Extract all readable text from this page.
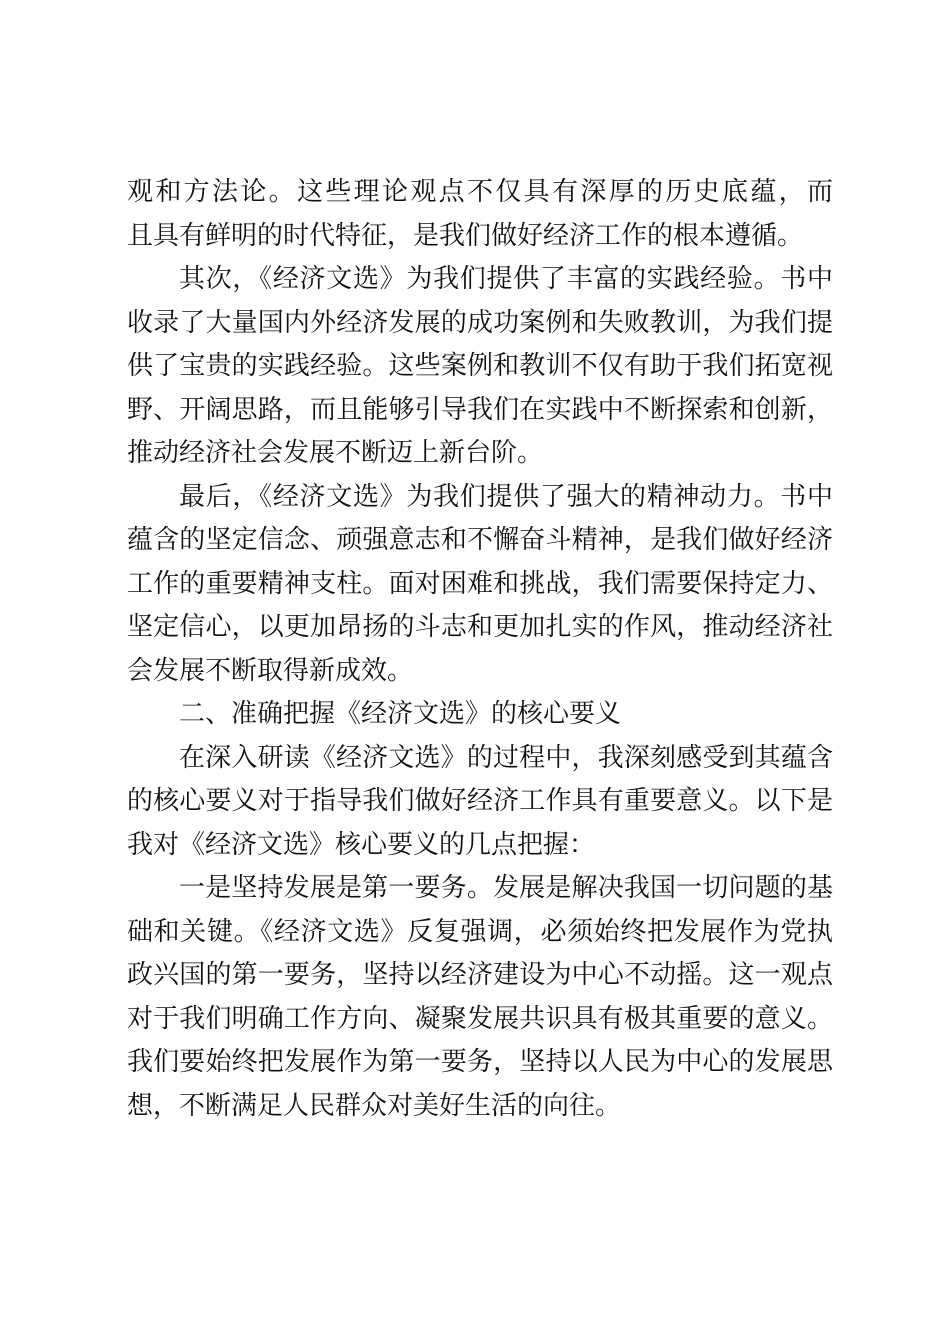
观和方法论。这些理论观点不仅具有深厚的历史底蕴，而
且具有鲜明的时代特征，是我们做好经济工作的根本遵循。

其次，《经济文选》为我们提供了丰富的实践经验。书中
收录了大量国内外经济发展的成功案例和失败教训，为我们提
供了宝贵的实践经验。这些案例和教训不仅有助于我们拓宽视
野、开阔思路，而且能够引导我们在实践中不断探索和创新，
推动经济社会发展不断迈上新台阶。

最后，《经济文选》为我们提供了强大的精神动力。书中
蕴含的坚定信念、顽强意志和不懈奋斗精神，是我们做好经济
工作的重要精神支柱。面对困难和挑战，我们需要保持定力、
坚定信心，以更加昂扬的斗志和更加扎实的作风，推动经济社
会发展不断取得新成效。

二、准确把握《经济文选》的核心要义

在深入研读《经济文选》的过程中，我深刻感受到其蕴含
的核心要义对于指导我们做好经济工作具有重要意义。以下是
我对《经济文选》核心要义的几点把握：

一是坚持发展是第一要务。发展是解决我国一切问题的基
础和关键。《经济文选》反复强调，必须始终把发展作为党执
政兴国的第一要务，坚持以经济建设为中心不动摇。这一观点
对于我们明确工作方向、凝聚发展共识具有极其重要的意义。
我们要始终把发展作为第一要务，坚持以人民为中心的发展思
想，不断满足人民群众对美好生活的向往。
